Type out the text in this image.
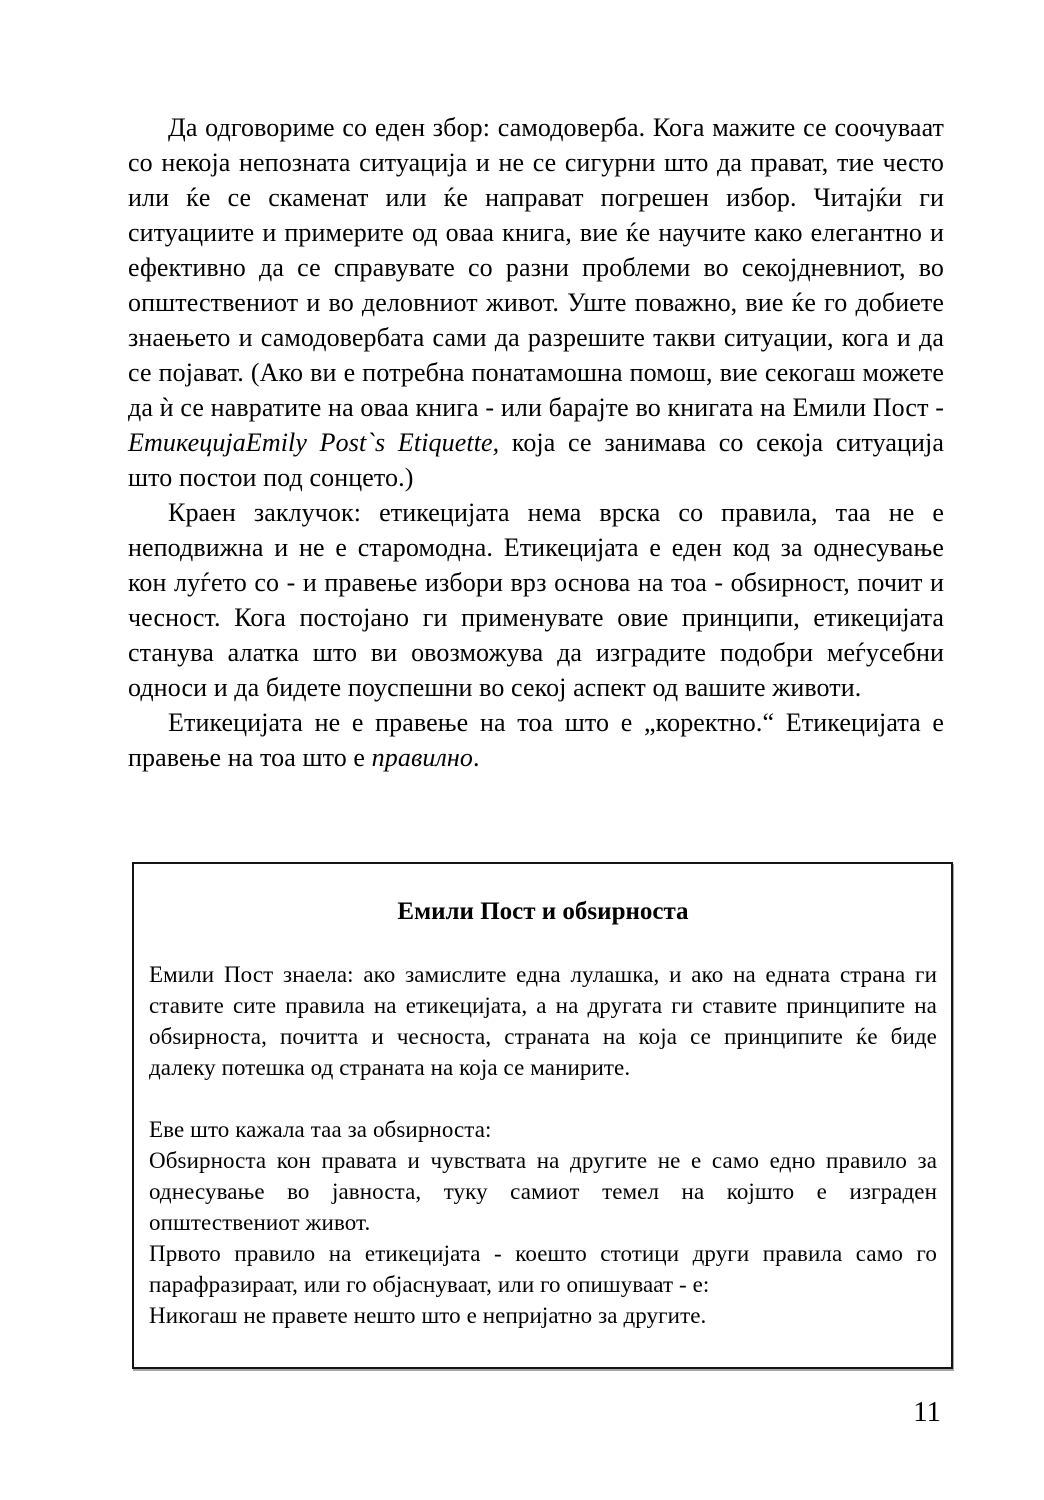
Да одговориме со еден збор: самодоверба. Кога мажите се соочуваат со некоја непозната ситуација и не се сигурни што да прават, тие често или ќе се скаменат или ќе направат погрешен избор. Читајќи ги ситуациите и примерите од оваа книга, вие ќе научите како елегантно и ефективно да се справувате со разни проблеми во секојдневниот, во општествениот и во деловниот живот. Уште поважно, вие ќе го добиете знаењето и самодовербата сами да разрешите такви ситуации, кога и да се појават. (Ако ви е потребна понатамошна помош, вие секогаш можете да ѝ се навратите на оваа книга - или барајте во книгата на Емили Пост - ЕтикецијаEmily Post`s Etiquette, која се занимава со секоја ситуација што постои под сонцето.)

Краен заклучок: етикецијата нема врска со правила, таа не е неподвижна и не е старомодна. Етикецијата е еден код за однесување кон луѓето со - и правење избори врз основа на тоа - обѕирност, почит и чесност. Кога постојано ги применувате овие принципи, етикецијата станува алатка што ви овозможува да изградите подобри меѓусебни односи и да бидете поуспешни во секој аспект од вашите животи.

Етикецијата не е правење на тоа што е „коректно.“ Етикецијата е правење на тоа што е правилно.

Емили Пост и обѕирноста

Емили Пост знаела: ако замислите една лулашка, и ако на едната страна ги ставите сите правила на етикецијата, а на другата ги ставите принципите на обѕирноста, почитта и чесноста, страната на која се принципите ќе биде далеку потешка од страната на која се манирите.

Еве што кажала таа за обѕирноста:

Обѕирноста кон правата и чувствата на другите не е само едно правило за однесување во јавноста, туку самиот темел на којшто е изграден општествениот живот.

Првото правило на етикецијата - коешто стотици други правила само го парафразираат, или го објаснуваат, или го опишуваат - е:

Никогаш не правете нешто што е непријатно за другите.

11
